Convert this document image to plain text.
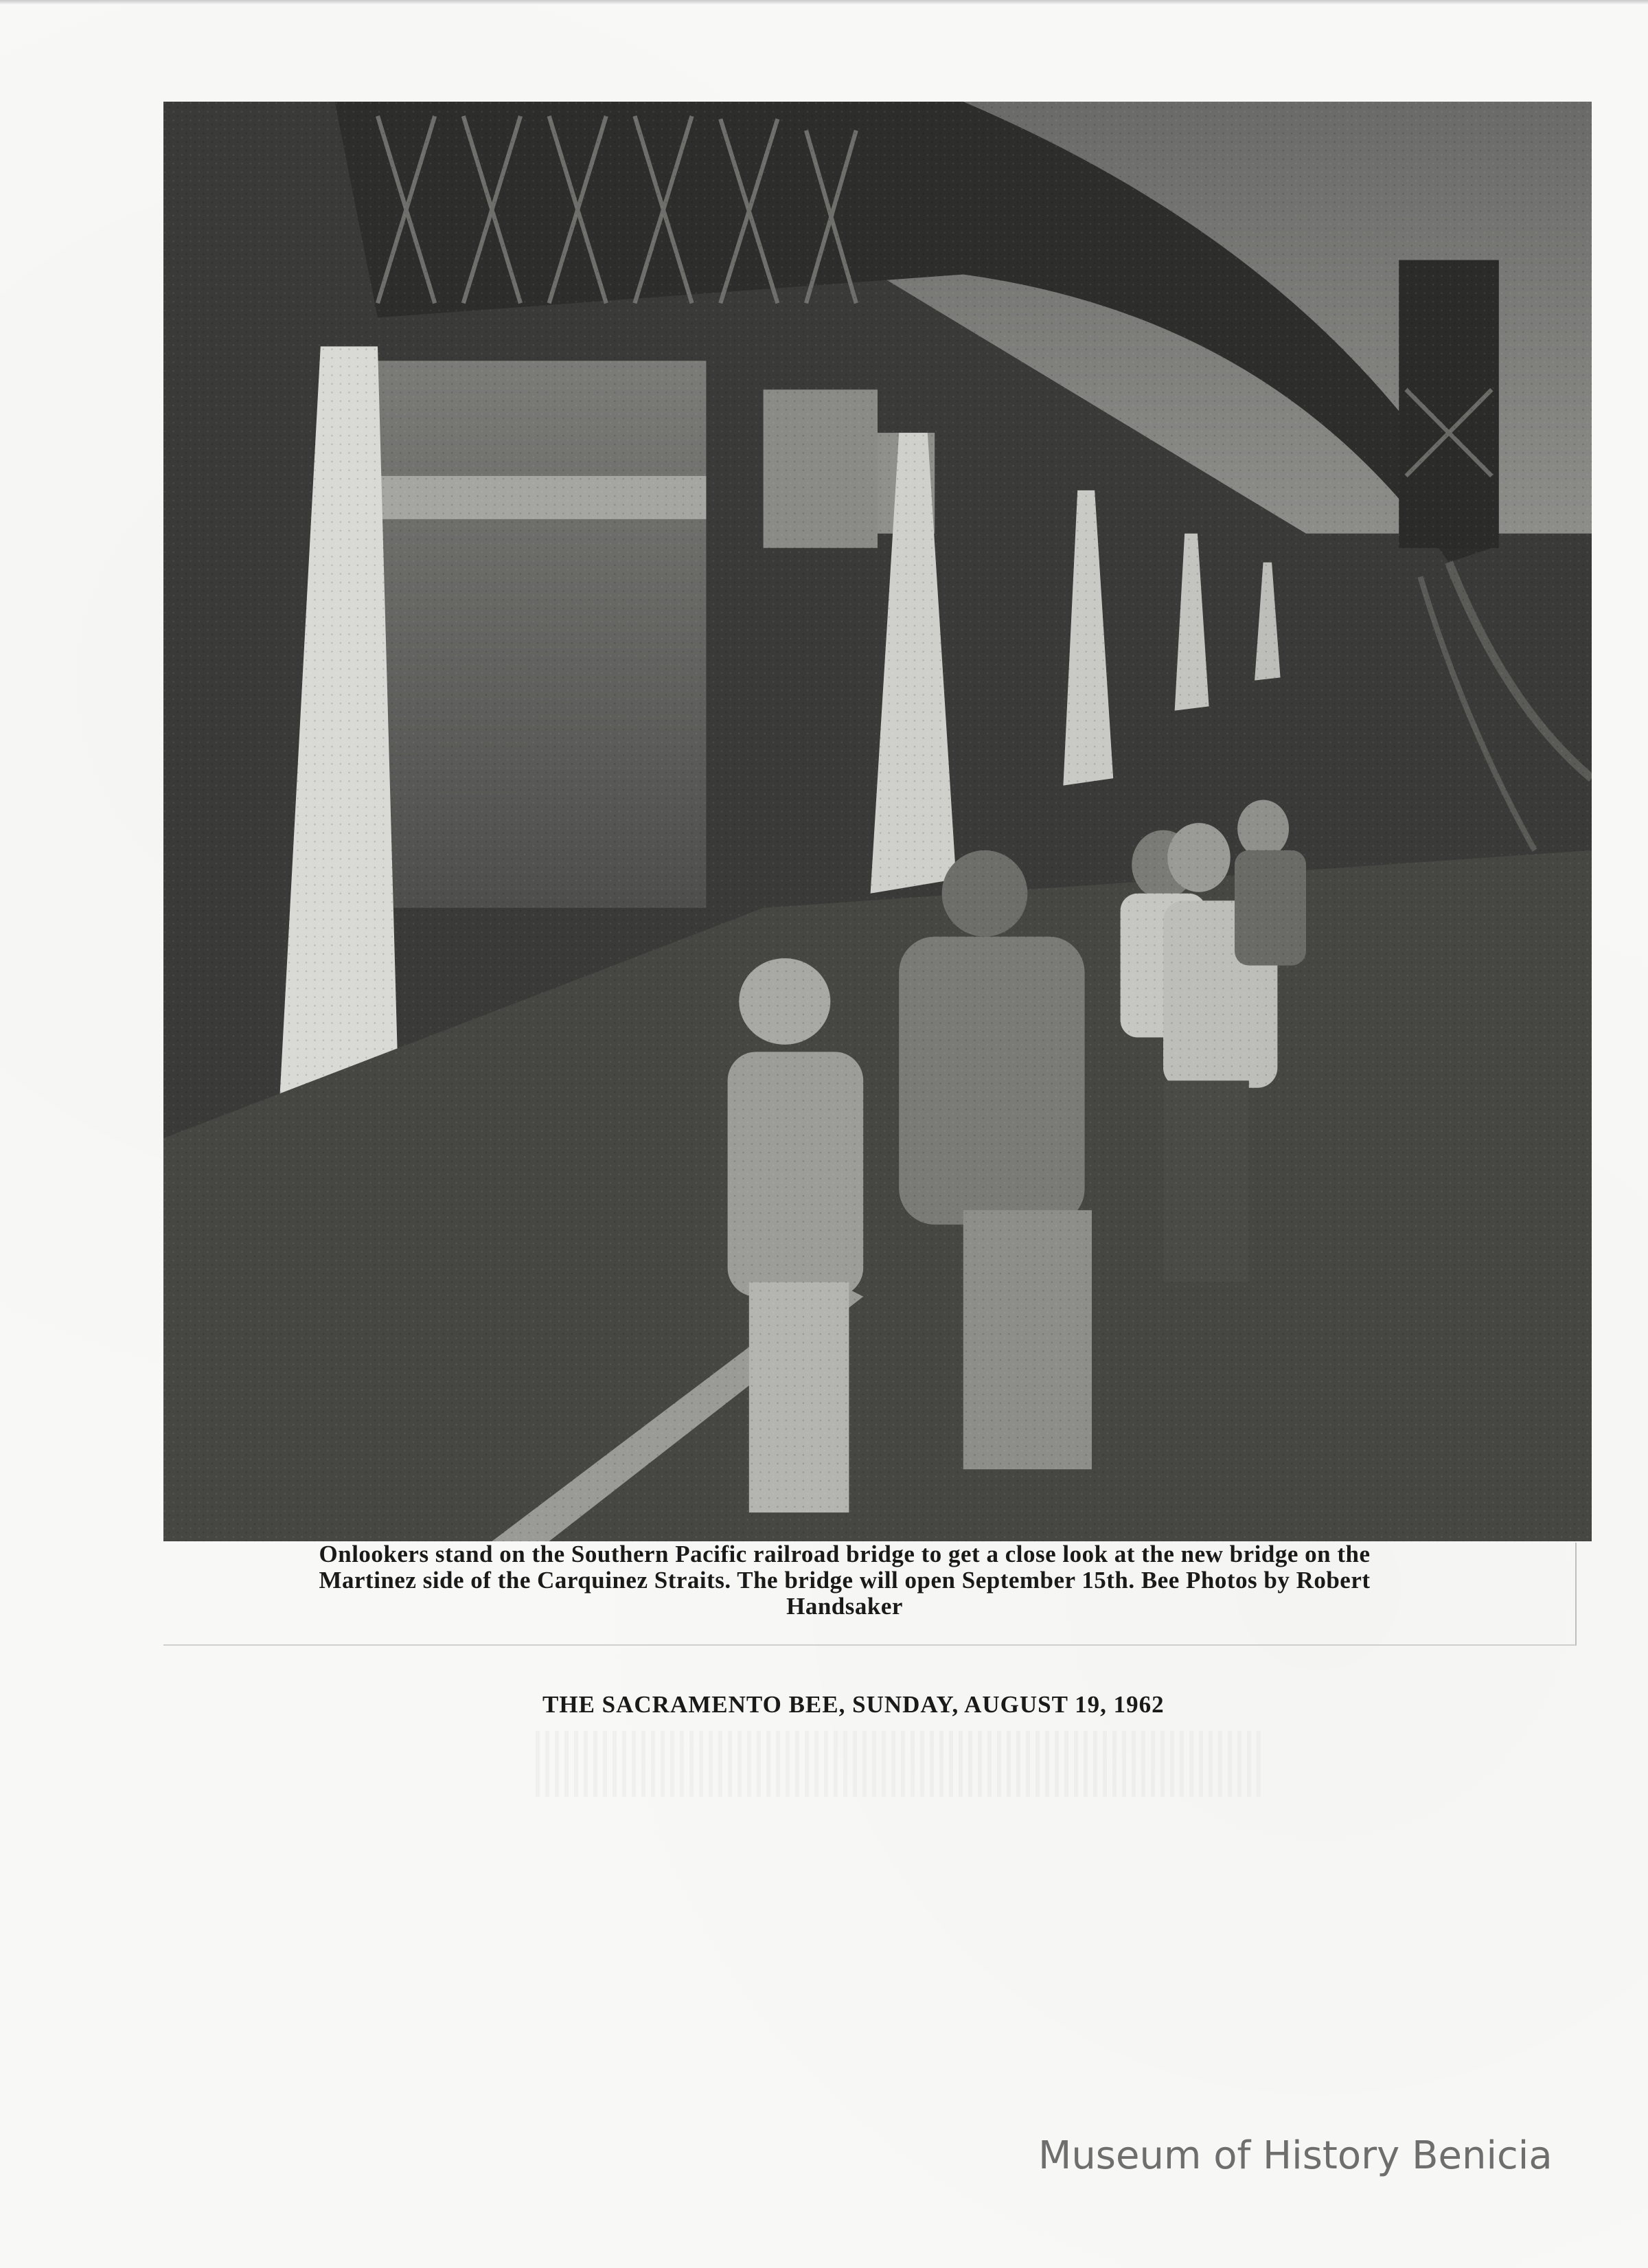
Onlookers stand on the Southern Pacific railroad bridge to get a close look at the new bridge on the Martinez side of the Carquinez Straits. The bridge will open September 15th. Bee Photos by Robert Handsaker
THE SACRAMENTO BEE, SUNDAY, AUGUST 19, 1962
Museum of History Benicia
